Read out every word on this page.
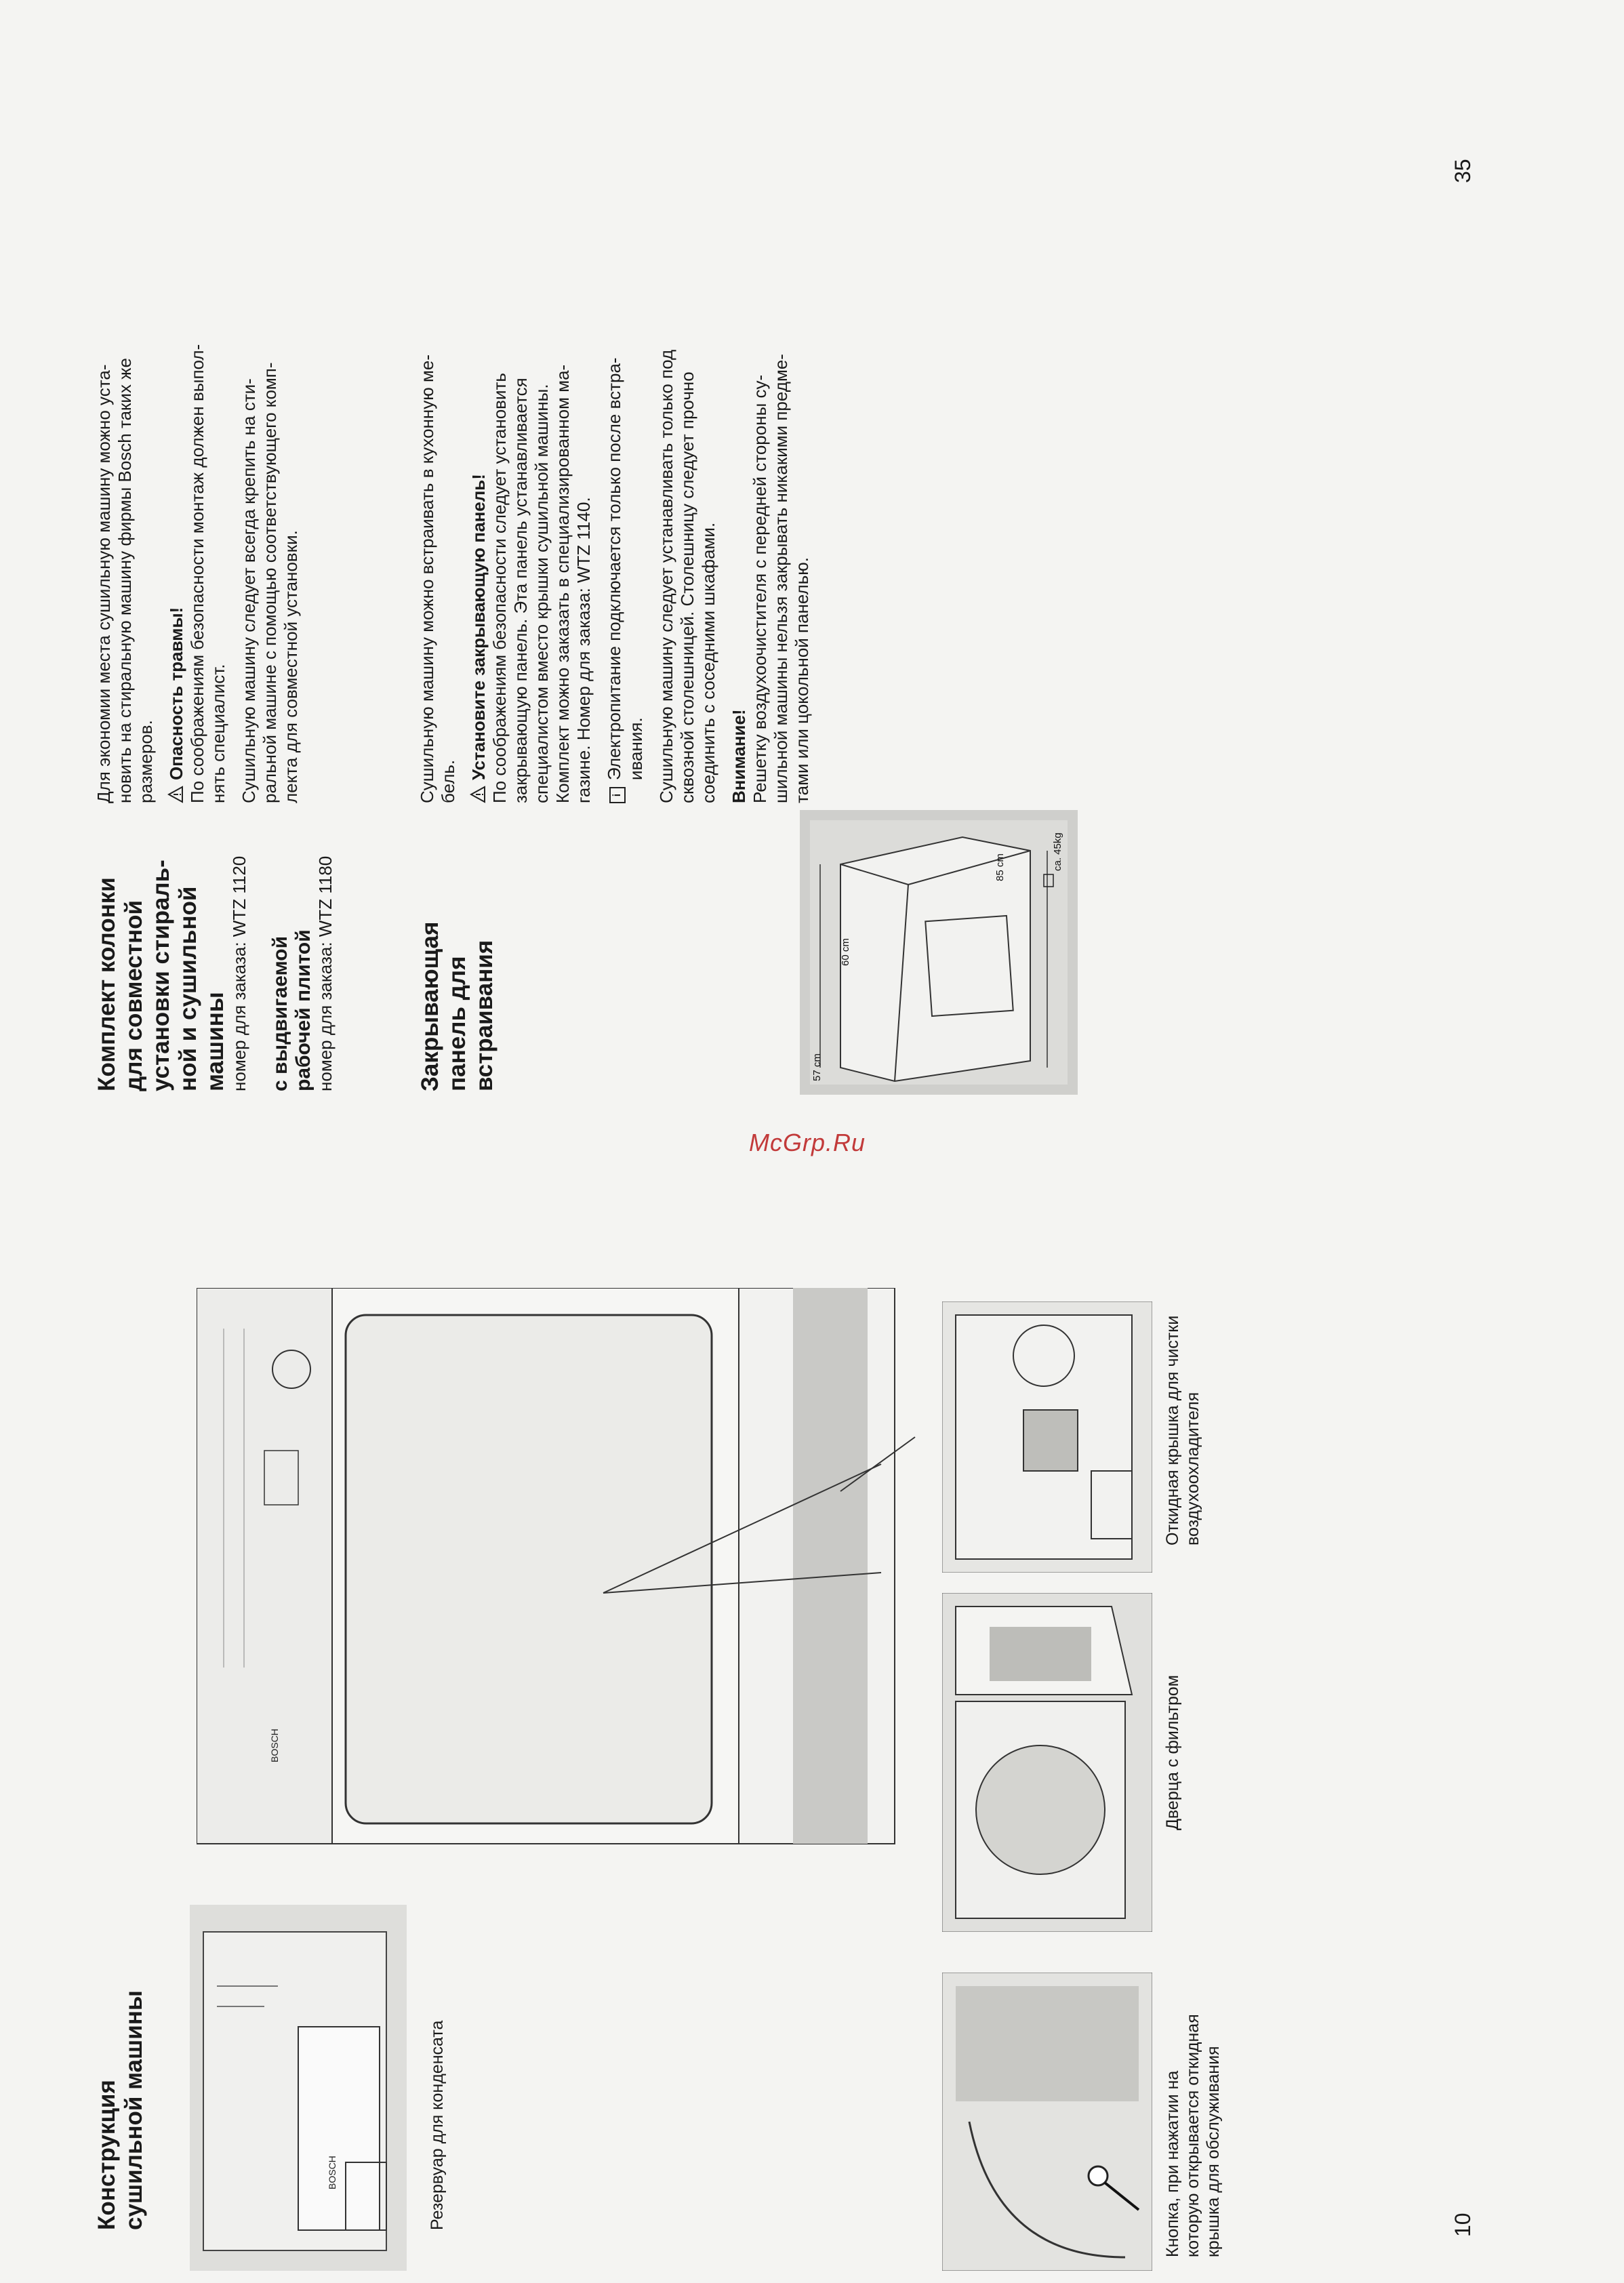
Комплект колонки для совместной установки стираль- ной и сушильной машины номер для заказа: WTZ 1120 с выдвигаемой рабочей плитой номер для заказа: WTZ 1180

Для экономии места сушильную машину можно уста- новить на стиральную машину фирмы Bosch таких же размеров. Опасность травмы! По соображениям безопасности монтаж должен выпол- нять специалист. Сушильную машину следует всегда крепить на сти- ральной машине с помощью соответствующего комп- лекта для совместной установки.

Закрывающая панель для встраивания

Сушильную машину можно встраивать в кухонную ме- бель.

Установите закрывающую панель! По соображениям безопасности следует установить закрывающую панель. Эта панель устанавливается специалистом вместо крышки сушильной машины. Комплект можно заказать в специализированном ма- газине. Номер для заказа: WTZ 1140.	iЭлектропитание подключается только после встра- ивания. Сушильную машину следует устанавливать только под сквозной столешницей. Столешницу следует прочно соединить с соседними шкафами. Внимание! Решетку воздухоочистителя с передней стороны су- шильной машины нельзя закрывать никакими предме- тами или цокольной панелью.

60 cm
57 cm
85 cm	ca. 45kg
McGrp.Ru

Конструкция сушильной машины	BOSCH	Резервуар для конденсата

BOSCH

Кнопка, при нажатии на которую открывается откидная крышка для обслуживания

Дверца с фильтром

Откидная крышка для чистки воздухоохладителя

10
35
